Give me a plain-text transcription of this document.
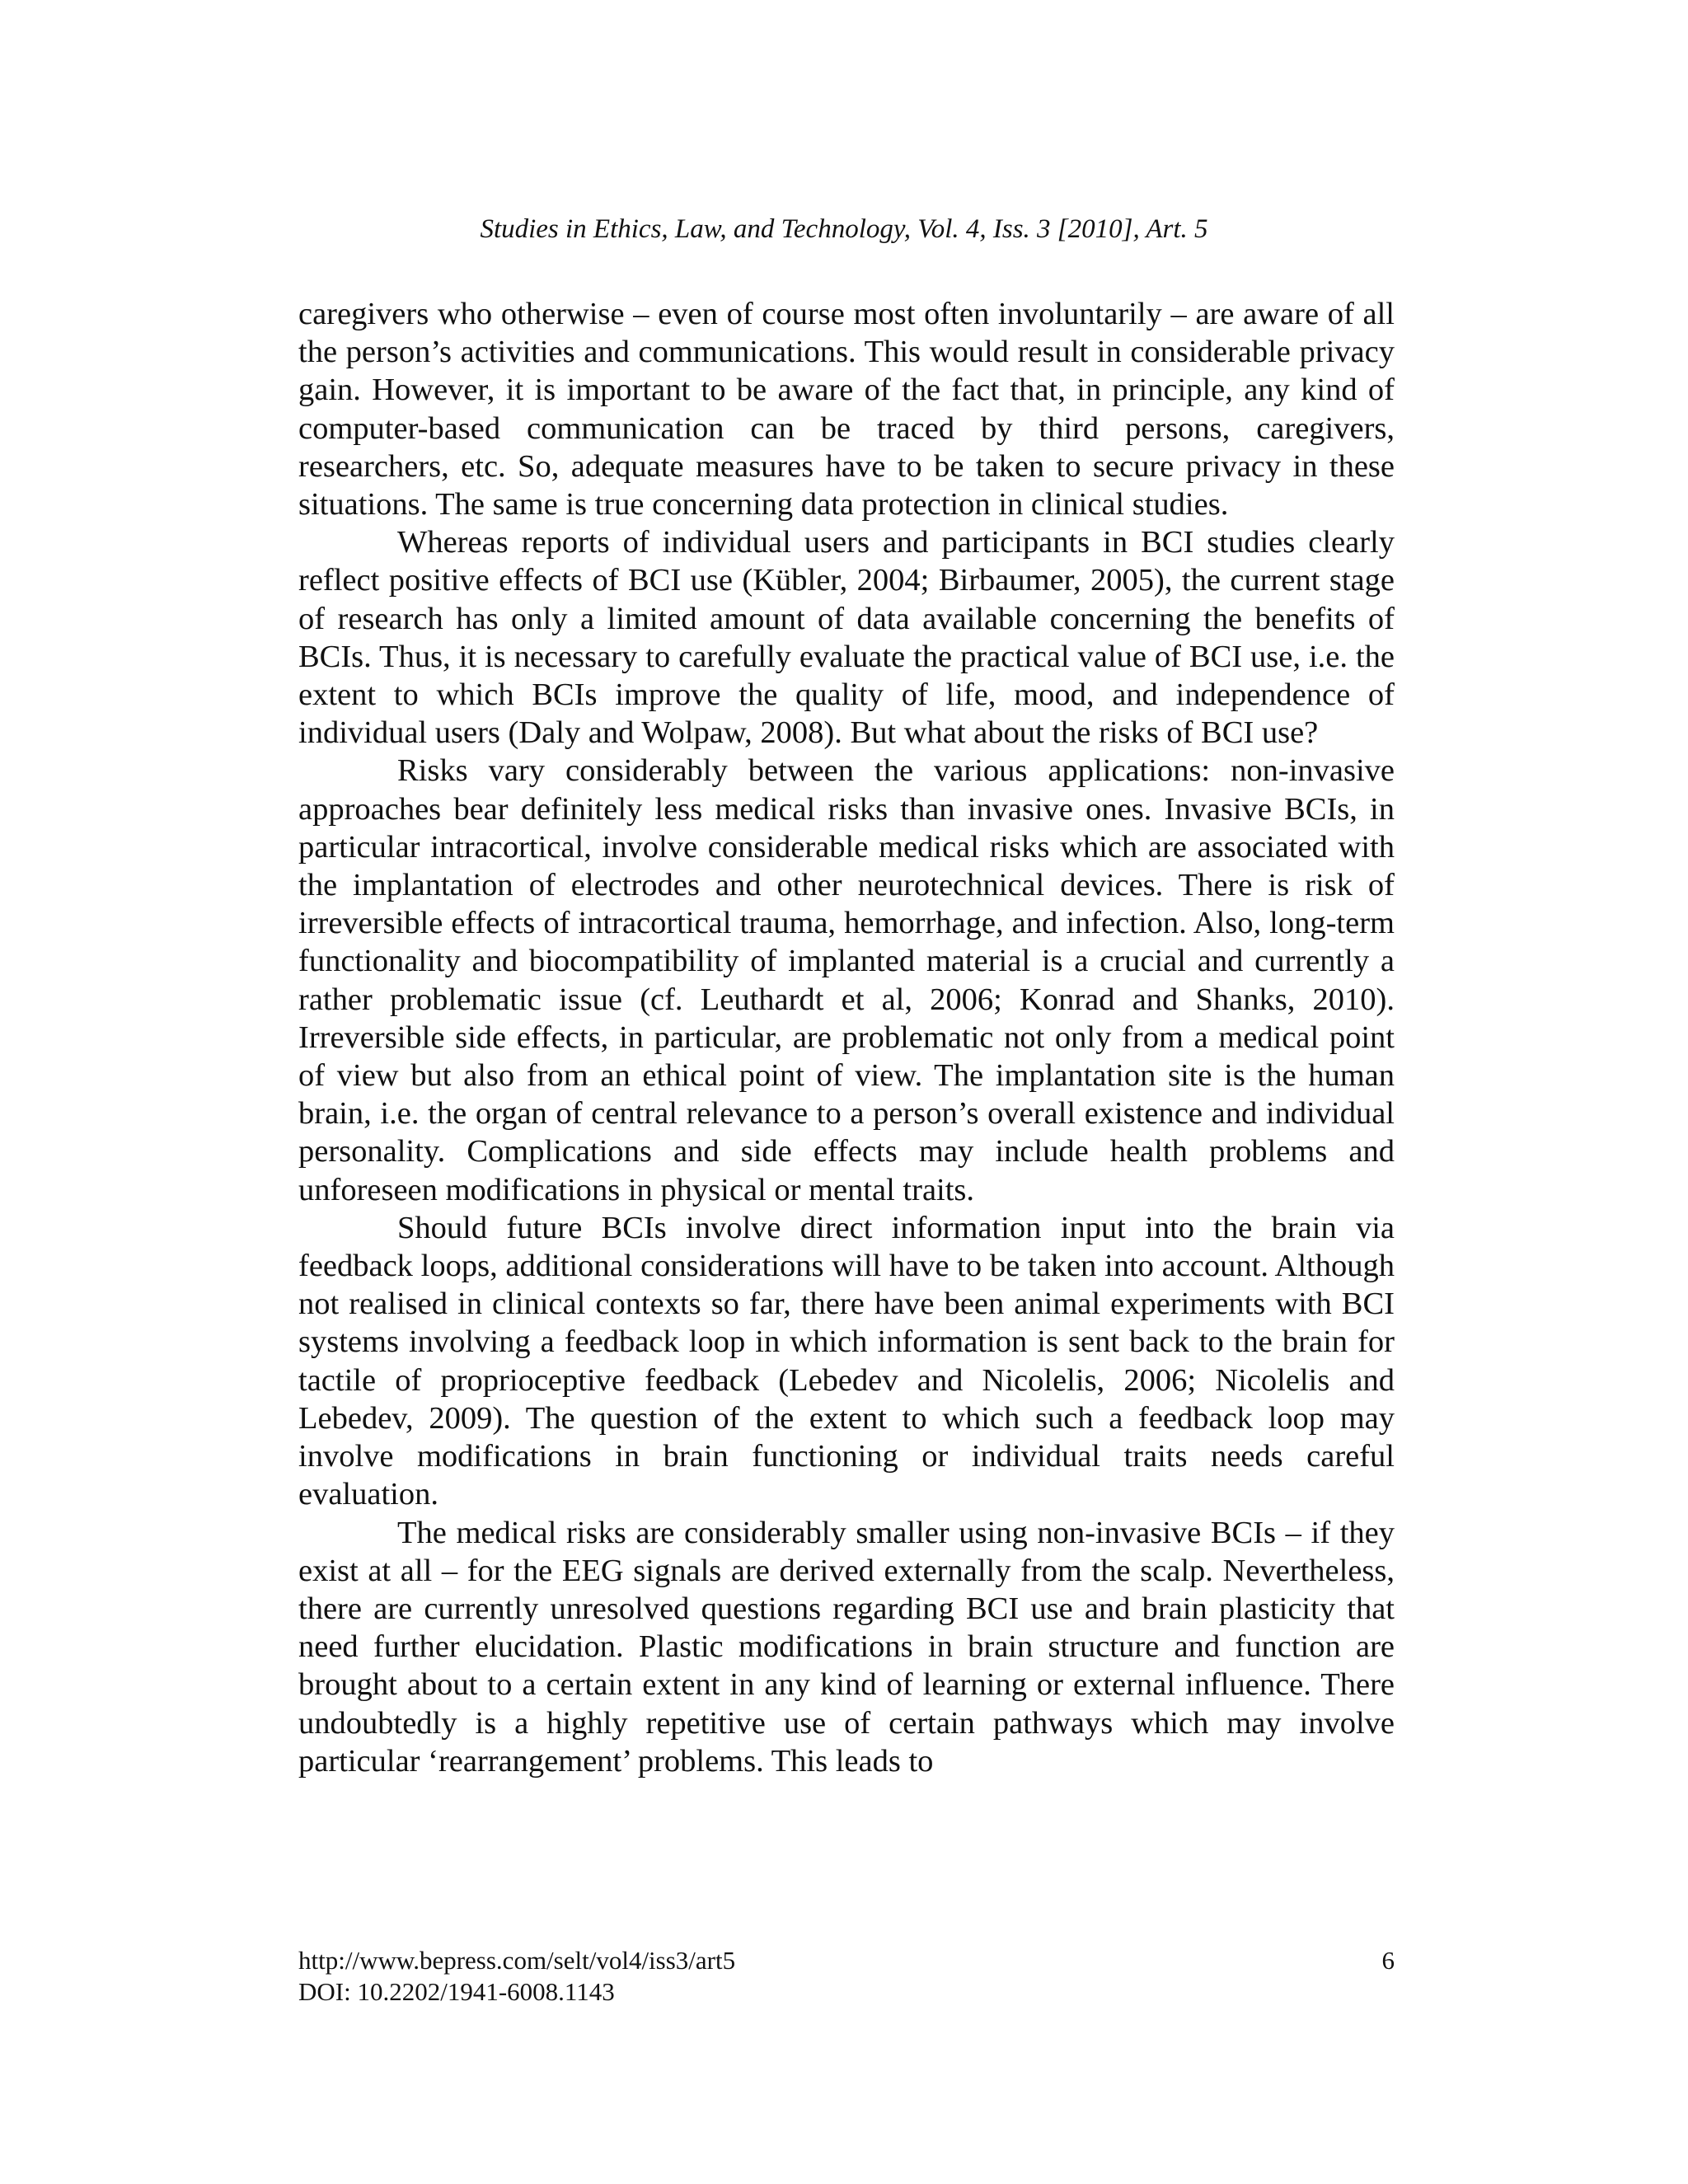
Studies in Ethics, Law, and Technology, Vol. 4, Iss. 3 [2010], Art. 5

caregivers who otherwise – even of course most often involuntarily – are aware of all the person’s activities and communications. This would result in considerable privacy gain. However, it is important to be aware of the fact that, in principle, any kind of computer-based communication can be traced by third persons, caregivers, researchers, etc. So, adequate measures have to be taken to secure privacy in these situations. The same is true concerning data protection in clinical studies.

Whereas reports of individual users and participants in BCI studies clearly reflect positive effects of BCI use (Kübler, 2004; Birbaumer, 2005), the current stage of research has only a limited amount of data available concerning the benefits of BCIs. Thus, it is necessary to carefully evaluate the practical value of BCI use, i.e. the extent to which BCIs improve the quality of life, mood, and independence of individual users (Daly and Wolpaw, 2008). But what about the risks of BCI use?

Risks vary considerably between the various applications: non-invasive approaches bear definitely less medical risks than invasive ones. Invasive BCIs, in particular intracortical, involve considerable medical risks which are associated with the implantation of electrodes and other neurotechnical devices. There is risk of irreversible effects of intracortical trauma, hemorrhage, and infection. Also, long-term functionality and biocompatibility of implanted material is a crucial and currently a rather problematic issue (cf. Leuthardt et al, 2006; Konrad and Shanks, 2010). Irreversible side effects, in particular, are problematic not only from a medical point of view but also from an ethical point of view. The implantation site is the human brain, i.e. the organ of central relevance to a person’s overall existence and individual personality. Complications and side effects may include health problems and unforeseen modifications in physical or mental traits.

Should future BCIs involve direct information input into the brain via feedback loops, additional considerations will have to be taken into account. Although not realised in clinical contexts so far, there have been animal experiments with BCI systems involving a feedback loop in which information is sent back to the brain for tactile of proprioceptive feedback (Lebedev and Nicolelis, 2006; Nicolelis and Lebedev, 2009). The question of the extent to which such a feedback loop may involve modifications in brain functioning or individual traits needs careful evaluation.

The medical risks are considerably smaller using non-invasive BCIs – if they exist at all – for the EEG signals are derived externally from the scalp. Nevertheless, there are currently unresolved questions regarding BCI use and brain plasticity that need further elucidation. Plastic modifications in brain structure and function are brought about to a certain extent in any kind of learning or external influence. There undoubtedly is a highly repetitive use of certain pathways which may involve particular ‘rearrangement’ problems. This leads to

http://www.bepress.com/selt/vol4/iss3/art5	6
DOI: 10.2202/1941-6008.1143
